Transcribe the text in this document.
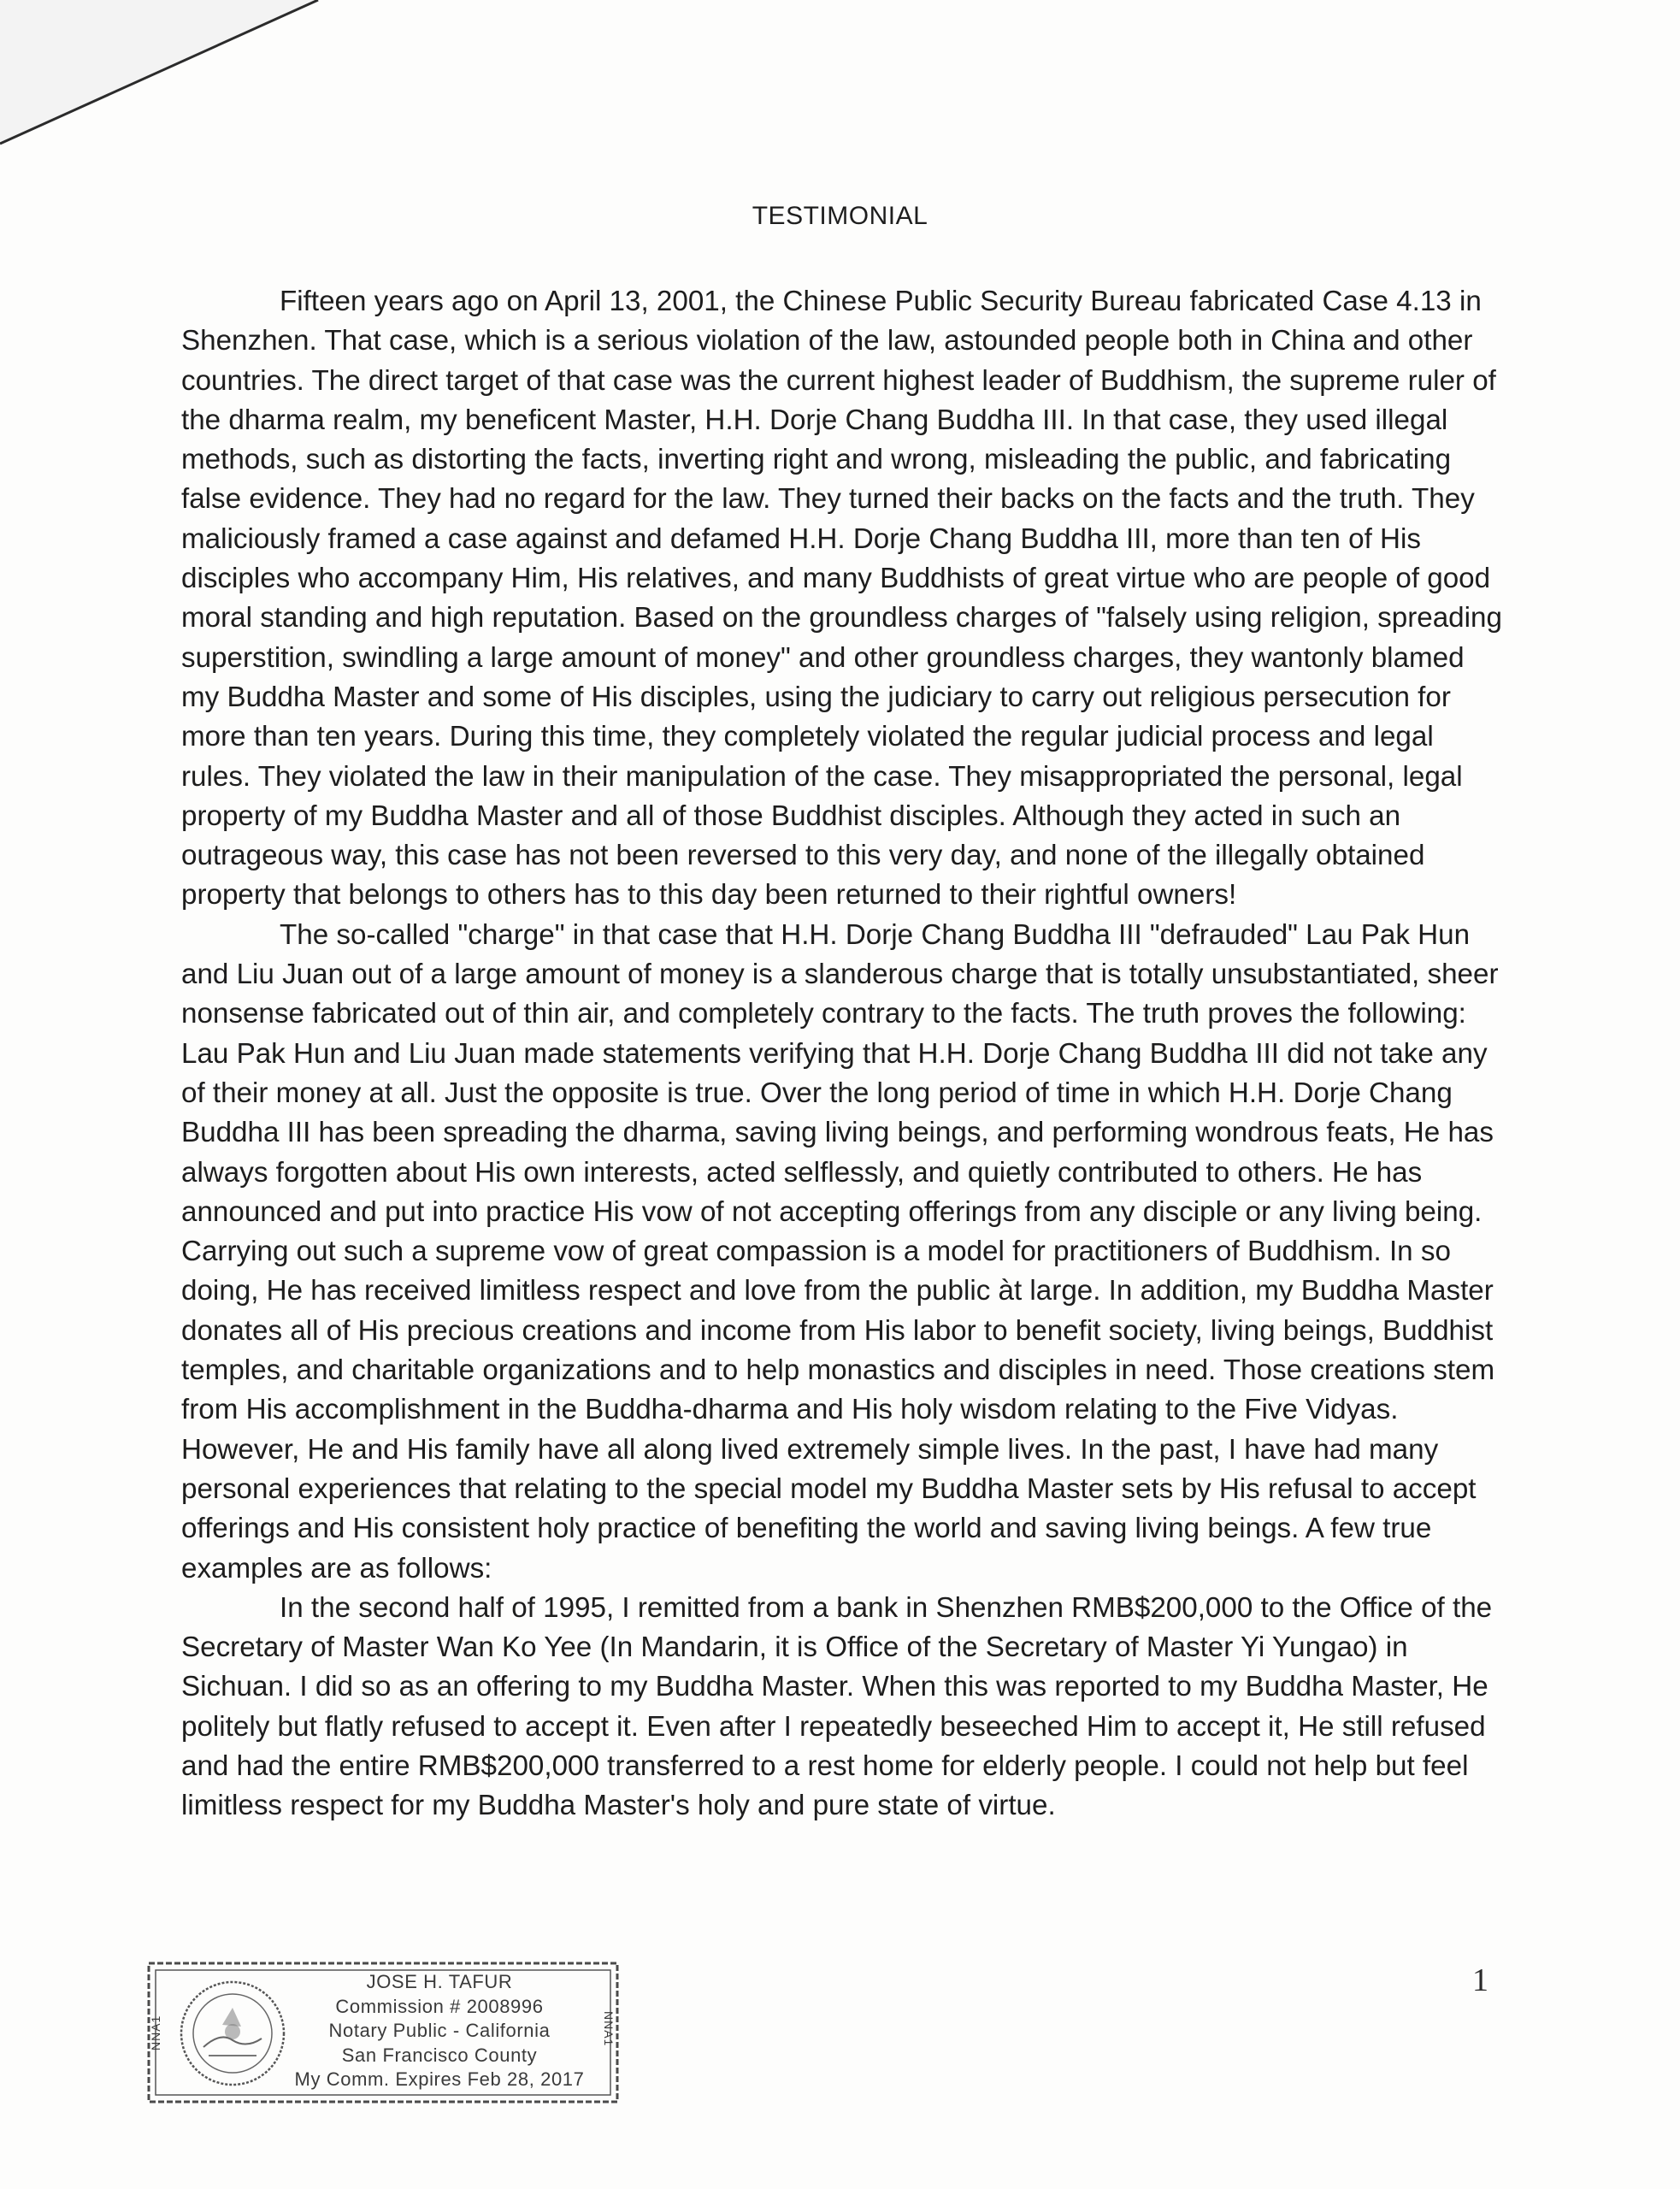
TESTIMONIAL

Fifteen years ago on April 13, 2001, the Chinese Public Security Bureau fabricated Case 4.13 in Shenzhen. That case, which is a serious violation of the law, astounded people both in China and other countries. The direct target of that case was the current highest leader of Buddhism, the supreme ruler of the dharma realm, my beneficent Master, H.H. Dorje Chang Buddha III. In that case, they used illegal methods, such as distorting the facts, inverting right and wrong, misleading the public, and fabricating false evidence. They had no regard for the law. They turned their backs on the facts and the truth. They maliciously framed a case against and defamed H.H. Dorje Chang Buddha III, more than ten of His disciples who accompany Him, His relatives, and many Buddhists of great virtue who are people of good moral standing and high reputation. Based on the groundless charges of "falsely using religion, spreading superstition, swindling a large amount of money" and other groundless charges, they wantonly blamed my Buddha Master and some of His disciples, using the judiciary to carry out religious persecution for more than ten years. During this time, they completely violated the regular judicial process and legal rules. They violated the law in their manipulation of the case. They misappropriated the personal, legal property of my Buddha Master and all of those Buddhist disciples. Although they acted in such an outrageous way, this case has not been reversed to this very day, and none of the illegally obtained property that belongs to others has to this day been returned to their rightful owners!

The so-called "charge" in that case that H.H. Dorje Chang Buddha III "defrauded" Lau Pak Hun and Liu Juan out of a large amount of money is a slanderous charge that is totally unsubstantiated, sheer nonsense fabricated out of thin air, and completely contrary to the facts. The truth proves the following: Lau Pak Hun and Liu Juan made statements verifying that H.H. Dorje Chang Buddha III did not take any of their money at all. Just the opposite is true. Over the long period of time in which H.H. Dorje Chang Buddha III has been spreading the dharma, saving living beings, and performing wondrous feats, He has always forgotten about His own interests, acted selflessly, and quietly contributed to others. He has announced and put into practice His vow of not accepting offerings from any disciple or any living being. Carrying out such a supreme vow of great compassion is a model for practitioners of Buddhism. In so doing, He has received limitless respect and love from the public àt large. In addition, my Buddha Master donates all of His precious creations and income from His labor to benefit society, living beings, Buddhist temples, and charitable organizations and to help monastics and disciples in need. Those creations stem from His accomplishment in the Buddha-dharma and His holy wisdom relating to the Five Vidyas. However, He and His family have all along lived extremely simple lives. In the past, I have had many personal experiences that relating to the special model my Buddha Master sets by His refusal to accept offerings and His consistent holy practice of benefiting the world and saving living beings. A few true examples are as follows:

In the second half of 1995, I remitted from a bank in Shenzhen RMB$200,000 to the Office of the Secretary of Master Wan Ko Yee (In Mandarin, it is Office of the Secretary of Master Yi Yungao) in Sichuan. I did so as an offering to my Buddha Master. When this was reported to my Buddha Master, He politely but flatly refused to accept it. Even after I repeatedly beseeched Him to accept it, He still refused and had the entire RMB$200,000 transferred to a rest home for elderly people. I could not help but feel limitless respect for my Buddha Master's holy and pure state of virtue.

NNA1	NNA1
JOSE H. TAFUR
Commission # 2008996
Notary Public - California
San Francisco County
My Comm. Expires Feb 28, 2017
1
